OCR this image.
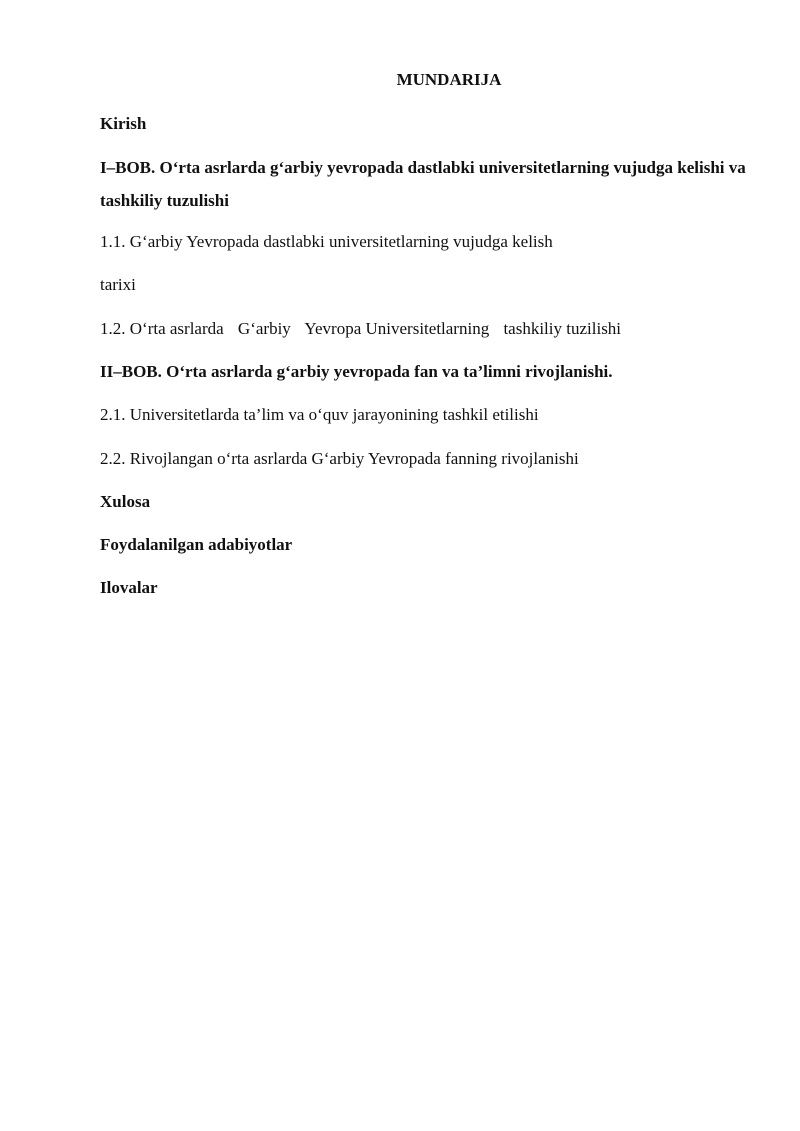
MUNDARIJA

Kirish

I–BOB. O‘rta asrlarda g‘arbiy yevropada dastlabki universitetlarning vujudga kelishi va tashkiliy tuzulishi

1.1. G‘arbiy Yevropada dastlabki universitetlarning vujudga kelish

tarixi

1.2. O‘rta asrlarda G‘arbiy Yevropa Universitetlarning tashkiliy tuzilishi

II–BOB. O‘rta asrlarda g‘arbiy yevropada fan va ta’limni rivojlanishi.

2.1. Universitetlarda ta’lim va o‘quv jarayonining tashkil etilishi

2.2. Rivojlangan o‘rta asrlarda G‘arbiy Yevropada fanning rivojlanishi

Xulosa

Foydalanilgan adabiyotlar

Ilovalar
